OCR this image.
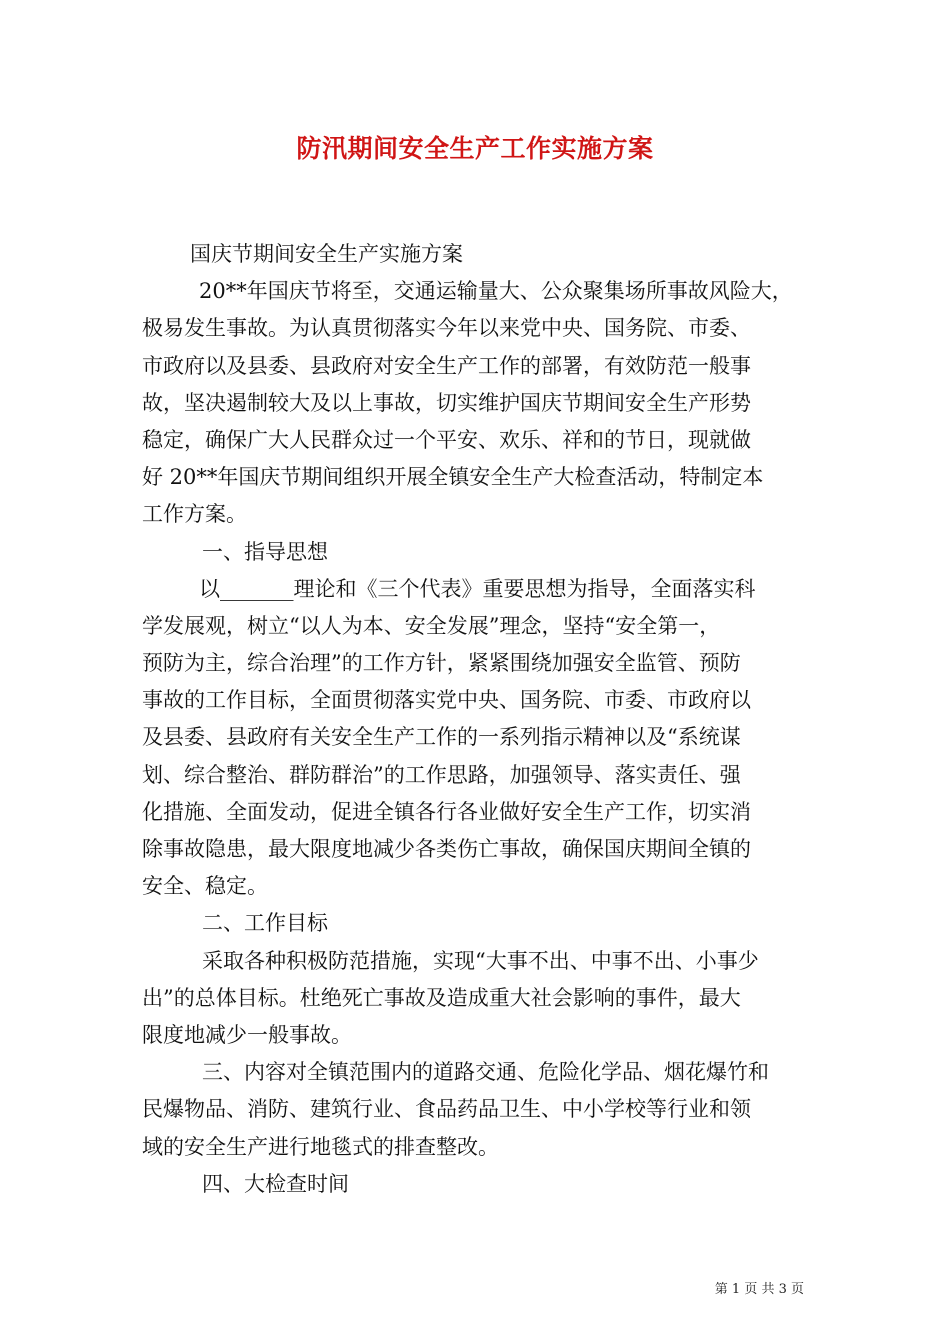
防汛期间安全生产工作实施方案

国庆节期间安全生产实施方案

20**年国庆节将至，交通运输量大、公众聚集场所事故风险大，

极易发生事故。为认真贯彻落实今年以来党中央、国务院、市委、

市政府以及县委、县政府对安全生产工作的部署，有效防范一般事

故，坚决遏制较大及以上事故，切实维护国庆节期间安全生产形势

稳定，确保广大人民群众过一个平安、欢乐、祥和的节日，现就做

好 20**年国庆节期间组织开展全镇安全生产大检查活动，特制定本

工作方案。

一、指导思想

以_______理论和《三个代表》重要思想为指导，全面落实科

学发展观，树立“以人为本、安全发展”理念，坚持“安全第一，

预防为主，综合治理”的工作方针，紧紧围绕加强安全监管、预防

事故的工作目标，全面贯彻落实党中央、国务院、市委、市政府以

及县委、县政府有关安全生产工作的一系列指示精神以及“系统谋

划、综合整治、群防群治”的工作思路，加强领导、落实责任、强

化措施、全面发动，促进全镇各行各业做好安全生产工作，切实消

除事故隐患，最大限度地减少各类伤亡事故，确保国庆期间全镇的

安全、稳定。

二、工作目标

采取各种积极防范措施，实现“大事不出、中事不出、小事少

出”的总体目标。杜绝死亡事故及造成重大社会影响的事件，最大

限度地减少一般事故。

三、内容对全镇范围内的道路交通、危险化学品、烟花爆竹和

民爆物品、消防、建筑行业、食品药品卫生、中小学校等行业和领

域的安全生产进行地毯式的排查整改。

四、大检查时间

第 1 页 共 3 页
